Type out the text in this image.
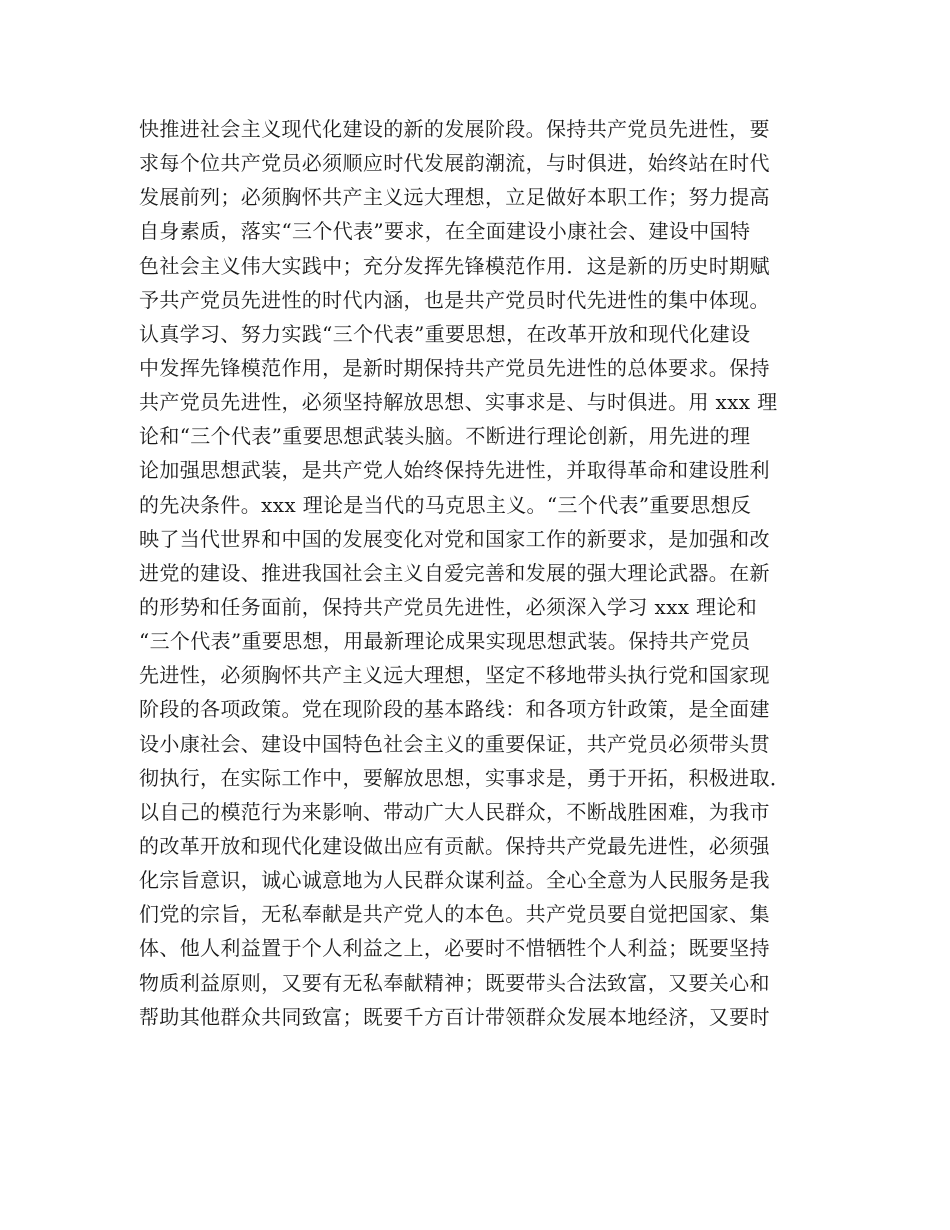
快推进社会主义现代化建设的新的发展阶段。保持共产党员先进性，要
求每个位共产党员必须顺应时代发展韵潮流，与时俱进，始终站在时代
发展前列；必须胸怀共产主义远大理想，立足做好本职工作；努力提高
自身素质，落实“三个代表”要求，在全面建设小康社会、建设中国特
色社会主义伟大实践中；充分发挥先锋模范作用．这是新的历史时期赋
予共产党员先进性的时代内涵，也是共产党员时代先进性的集中体现。
认真学习、努力实践“三个代表”重要思想，在改革开放和现代化建设
中发挥先锋模范作用，是新时期保持共产党员先进性的总体要求。保持
共产党员先进性，必须坚持解放思想、实事求是、与时俱进。用 xxx 理
论和“三个代表”重要思想武装头脑。不断进行理论创新，用先进的理
论加强思想武装，是共产党人始终保持先进性，并取得革命和建设胜利
的先决条件。xxx 理论是当代的马克思主义。“三个代表”重要思想反
映了当代世界和中国的发展变化对党和国家工作的新要求，是加强和改
进党的建设、推进我国社会主义自爱完善和发展的强大理论武器。在新
的形势和任务面前，保持共产党员先进性，必须深入学习 xxx 理论和
“三个代表”重要思想，用最新理论成果实现思想武装。保持共产党员
先进性，必须胸怀共产主义远大理想，坚定不移地带头执行党和国家现
阶段的各项政策。党在现阶段的基本路线：和各项方针政策，是全面建
设小康社会、建设中国特色社会主义的重要保证，共产党员必须带头贯
彻执行，在实际工作中，要解放思想，实事求是，勇于开拓，积极进取．
以自己的模范行为来影响、带动广大人民群众，不断战胜困难，为我市
的改革开放和现代化建设做出应有贡献。保持共产党最先进性，必须强
化宗旨意识，诚心诚意地为人民群众谋利益。全心全意为人民服务是我
们党的宗旨，无私奉献是共产党人的本色。共产党员要自觉把国家、集
体、他人利益置于个人利益之上，必要时不惜牺牲个人利益；既要坚持
物质利益原则，又要有无私奉献精神；既要带头合法致富，又要关心和
帮助其他群众共同致富；既要千方百计带领群众发展本地经济，又要时
